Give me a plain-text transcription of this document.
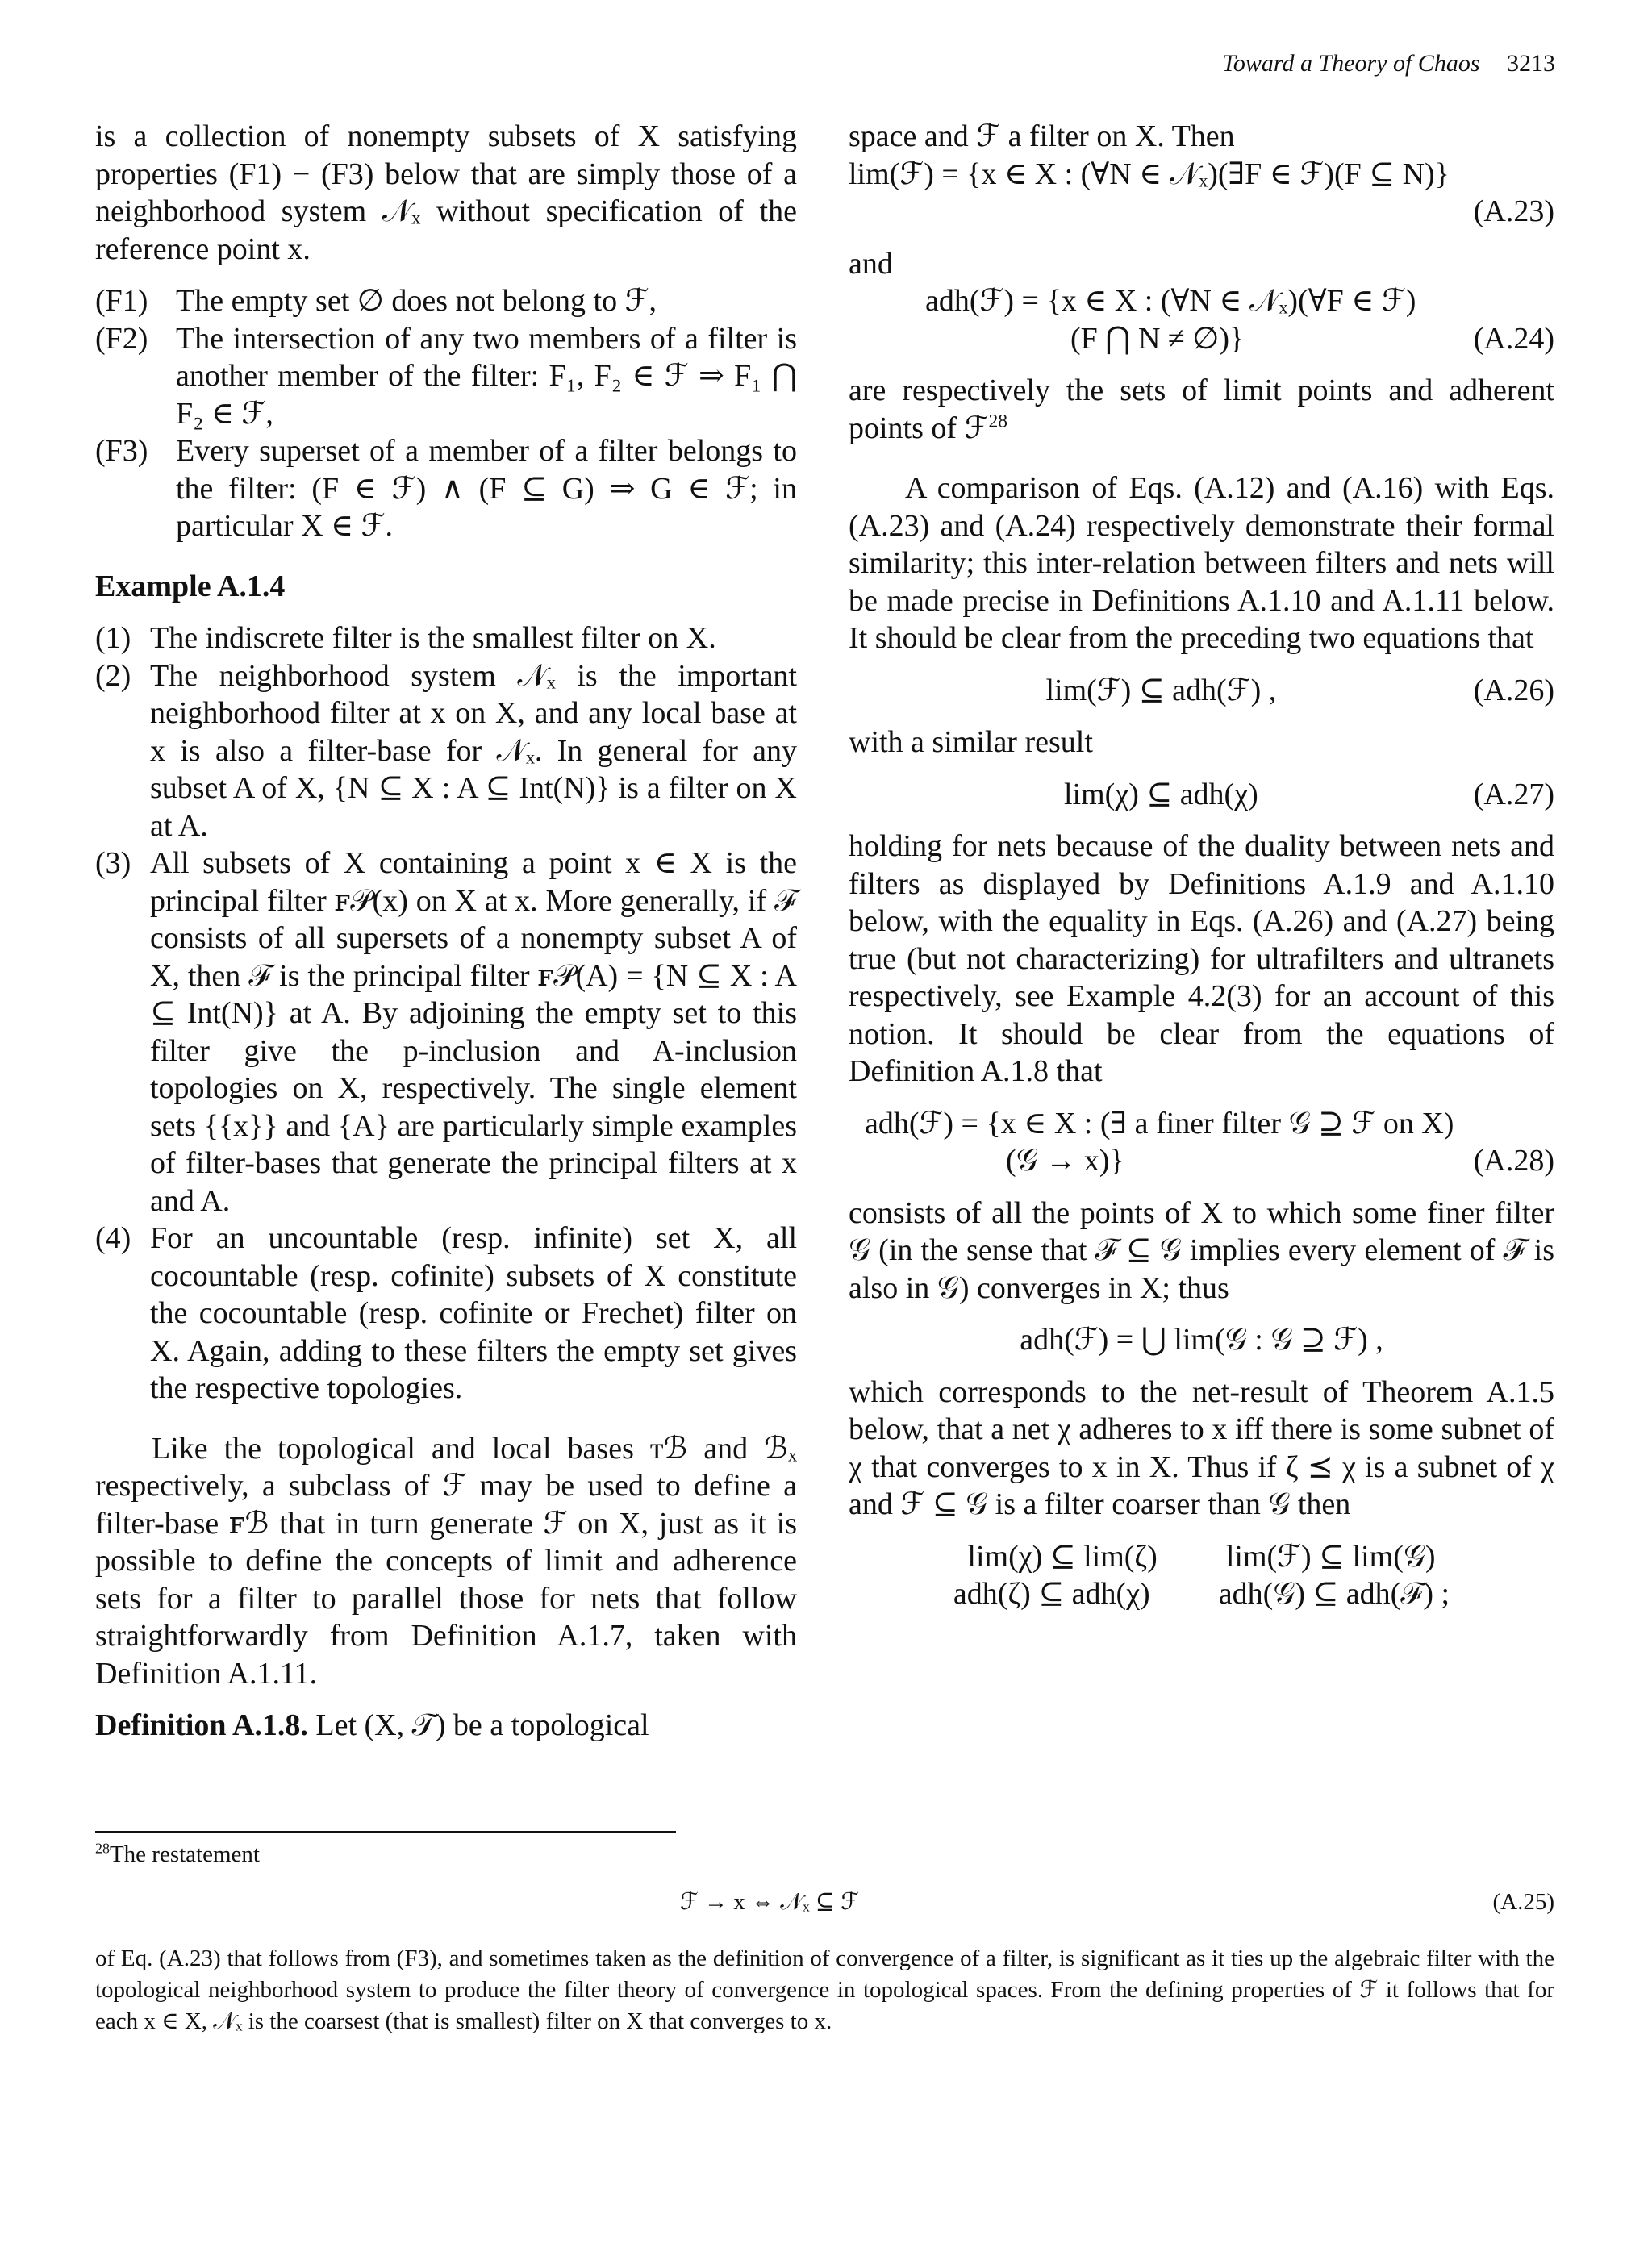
Toward a Theory of Chaos 3213

is a collection of nonempty subsets of X satisfying properties (F1) − (F3) below that are simply those of a neighborhood system 𝒩ₓ without specification of the reference point x.

(F1) The empty set ∅ does not belong to ℱ,
(F2) The intersection of any two members of a filter is another member of the filter: F₁, F₂ ∈ ℱ ⇒ F₁ ⋂ F₂ ∈ ℱ,
(F3) Every superset of a member of a filter belongs to the filter: (F ∈ ℱ) ∧ (F ⊆ G) ⇒ G ∈ ℱ; in particular X ∈ ℱ.

Example A.1.4

(1) The indiscrete filter is the smallest filter on X.
(2) The neighborhood system 𝒩ₓ is the important neighborhood filter at x on X, and any local base at x is also a filter-base for 𝒩ₓ. In general for any subset A of X, {N ⊆ X : A ⊆ Int(N)} is a filter on X at A.
(3) All subsets of X containing a point x ∈ X is the principal filter ꜰ𝒫(x) on X at x. More generally, if ℱ consists of all supersets of a nonempty subset A of X, then ℱ is the principal filter ꜰ𝒫(A) = {N ⊆ X : A ⊆ Int(N)} at A. By adjoining the empty set to this filter give the p-inclusion and A-inclusion topologies on X, respectively. The single element sets {{x}} and {A} are particularly simple examples of filter-bases that generate the principal filters at x and A.
(4) For an uncountable (resp. infinite) set X, all cocountable (resp. cofinite) subsets of X constitute the cocountable (resp. cofinite or Frechet) filter on X. Again, adding to these filters the empty set gives the respective topologies.

Like the topological and local bases ᴛℬ and ℬₓ respectively, a subclass of ℱ may be used to define a filter-base ꜰℬ that in turn generate ℱ on X, just as it is possible to define the concepts of limit and adherence sets for a filter to parallel those for nets that follow straightforwardly from Definition A.1.7, taken with Definition A.1.11.

Definition A.1.8. Let (X, 𝒯) be a topological

space and ℱ a filter on X. Then

lim(ℱ) = {x ∈ X : (∀N ∈ 𝒩ₓ)(∃F ∈ ℱ)(F ⊆ N)}
(A.23)

and

adh(ℱ) = {x ∈ X : (∀N ∈ 𝒩ₓ)(∀F ∈ ℱ)
(F ⋂ N ≠ ∅)}	(A.24)

are respectively the sets of limit points and adherent points of ℱ$^{28}$

A comparison of Eqs. (A.12) and (A.16) with Eqs. (A.23) and (A.24) respectively demonstrate their formal similarity; this inter-relation between filters and nets will be made precise in Definitions A.1.10 and A.1.11 below. It should be clear from the preceding two equations that

lim(ℱ) ⊆ adh(ℱ) ,	(A.26)

with a similar result

lim(χ) ⊆ adh(χ)	(A.27)

holding for nets because of the duality between nets and filters as displayed by Definitions A.1.9 and A.1.10 below, with the equality in Eqs. (A.26) and (A.27) being true (but not characterizing) for ultrafilters and ultranets respectively, see Example 4.2(3) for an account of this notion. It should be clear from the equations of Definition A.1.8 that

adh(ℱ) = {x ∈ X : (∃ a finer filter 𝒢 ⊇ ℱ on X)
(𝒢 → x)}	(A.28)

consists of all the points of X to which some finer filter 𝒢 (in the sense that ℱ ⊆ 𝒢 implies every element of ℱ is also in 𝒢) converges in X; thus

adh(ℱ) = ⋃ lim(𝒢 : 𝒢 ⊇ ℱ) ,

which corresponds to the net-result of Theorem A.1.5 below, that a net χ adheres to x iff there is some subnet of χ that converges to x in X. Thus if ζ ⪯ χ is a subnet of χ and ℱ ⊆ 𝒢 is a filter coarser than 𝒢 then

lim(χ) ⊆ lim(ζ) lim(ℱ) ⊆ lim(𝒢)
adh(ζ) ⊆ adh(χ) adh(𝒢) ⊆ adh(ℱ) ;
$^{28}$The restatement
ℱ → x ⇔ 𝒩ₓ ⊆ ℱ	(A.25)

of Eq. (A.23) that follows from (F3), and sometimes taken as the definition of convergence of a filter, is significant as it ties up the algebraic filter with the topological neighborhood system to produce the filter theory of convergence in topological spaces. From the defining properties of ℱ it follows that for each x ∈ X, 𝒩ₓ is the coarsest (that is smallest) filter on X that converges to x.
